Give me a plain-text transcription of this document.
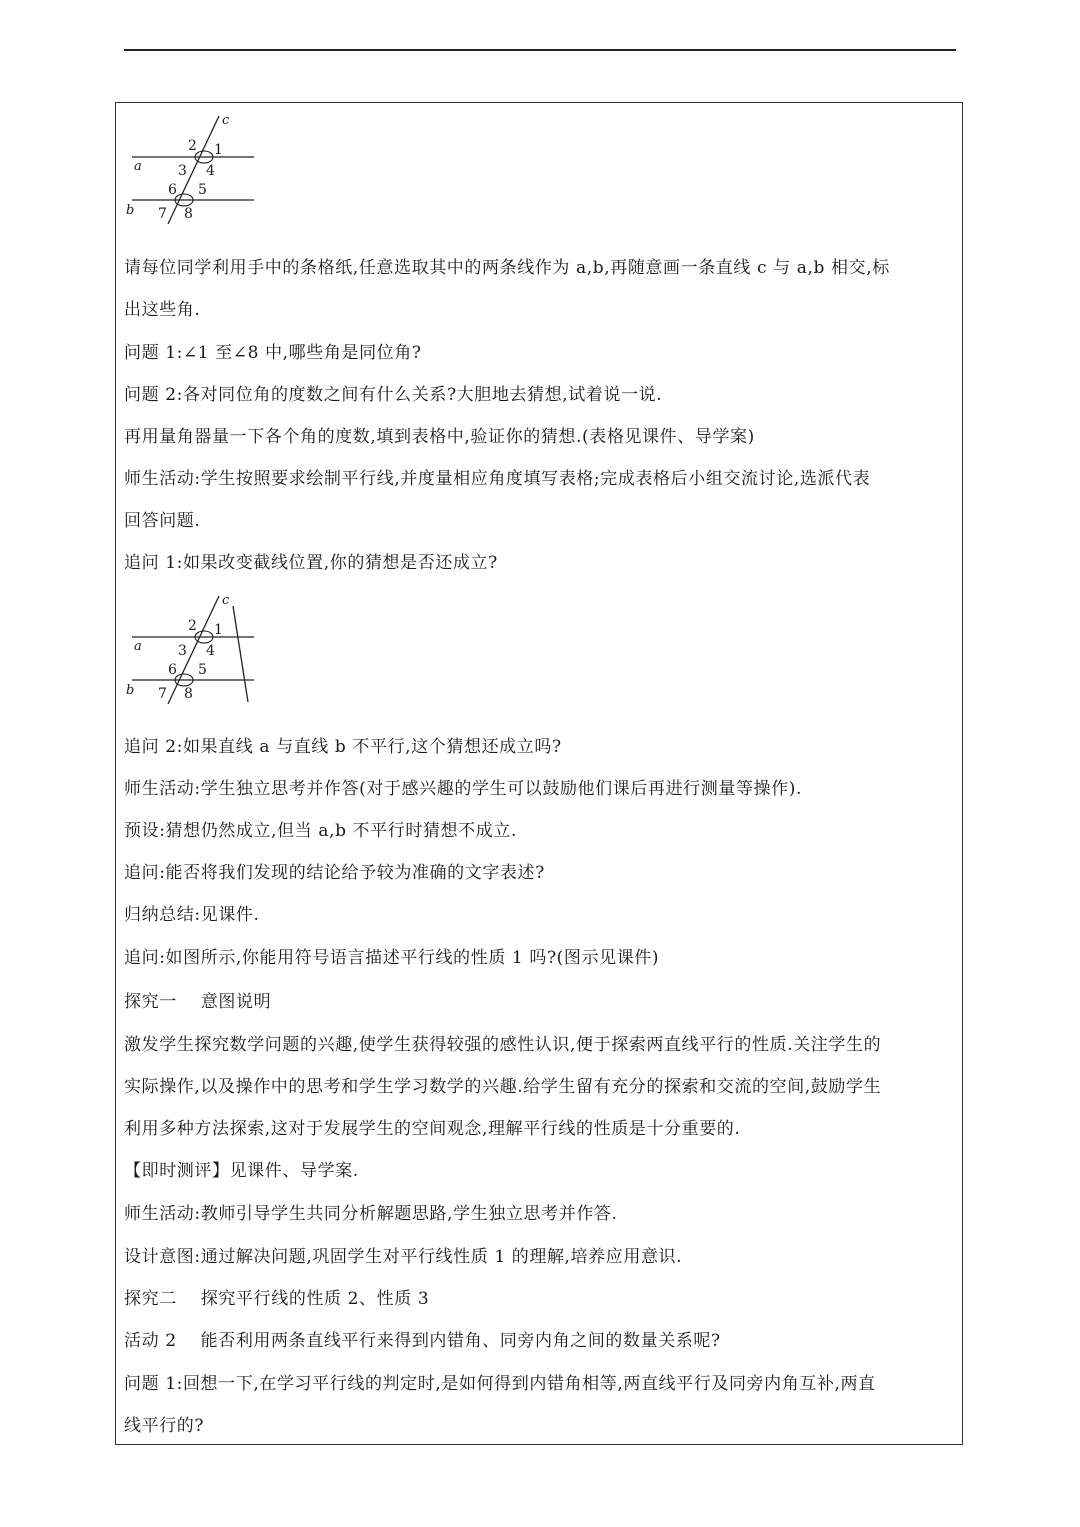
c
a
b
2 1
3 4
6 5
7 8
请每位同学利用手中的条格纸,任意选取其中的两条线作为 a,b,再随意画一条直线 c 与 a,b 相交,标
出这些角.
问题 1:∠1 至∠8 中,哪些角是同位角?
问题 2:各对同位角的度数之间有什么关系?大胆地去猜想,试着说一说.
再用量角器量一下各个角的度数,填到表格中,验证你的猜想.(表格见课件、导学案)
师生活动:学生按照要求绘制平行线,并度量相应角度填写表格;完成表格后小组交流讨论,选派代表
回答问题.
追问 1:如果改变截线位置,你的猜想是否还成立?
c
a
b
2 1
3 4
6 5
7 8
追问 2:如果直线 a 与直线 b 不平行,这个猜想还成立吗?
师生活动:学生独立思考并作答(对于感兴趣的学生可以鼓励他们课后再进行测量等操作).
预设:猜想仍然成立,但当 a,b 不平行时猜想不成立.
追问:能否将我们发现的结论给予较为准确的文字表述?
归纳总结:见课件.
追问:如图所示,你能用符号语言描述平行线的性质 1 吗?(图示见课件)
探究一    意图说明
激发学生探究数学问题的兴趣,使学生获得较强的感性认识,便于探索两直线平行的性质.关注学生的
实际操作,以及操作中的思考和学生学习数学的兴趣.给学生留有充分的探索和交流的空间,鼓励学生
利用多种方法探索,这对于发展学生的空间观念,理解平行线的性质是十分重要的.
【即时测评】见课件、导学案.
师生活动:教师引导学生共同分析解题思路,学生独立思考并作答.
设计意图:通过解决问题,巩固学生对平行线性质 1 的理解,培养应用意识.
探究二    探究平行线的性质 2、性质 3
活动 2    能否利用两条直线平行来得到内错角、同旁内角之间的数量关系呢?
问题 1:回想一下,在学习平行线的判定时,是如何得到内错角相等,两直线平行及同旁内角互补,两直
线平行的?
